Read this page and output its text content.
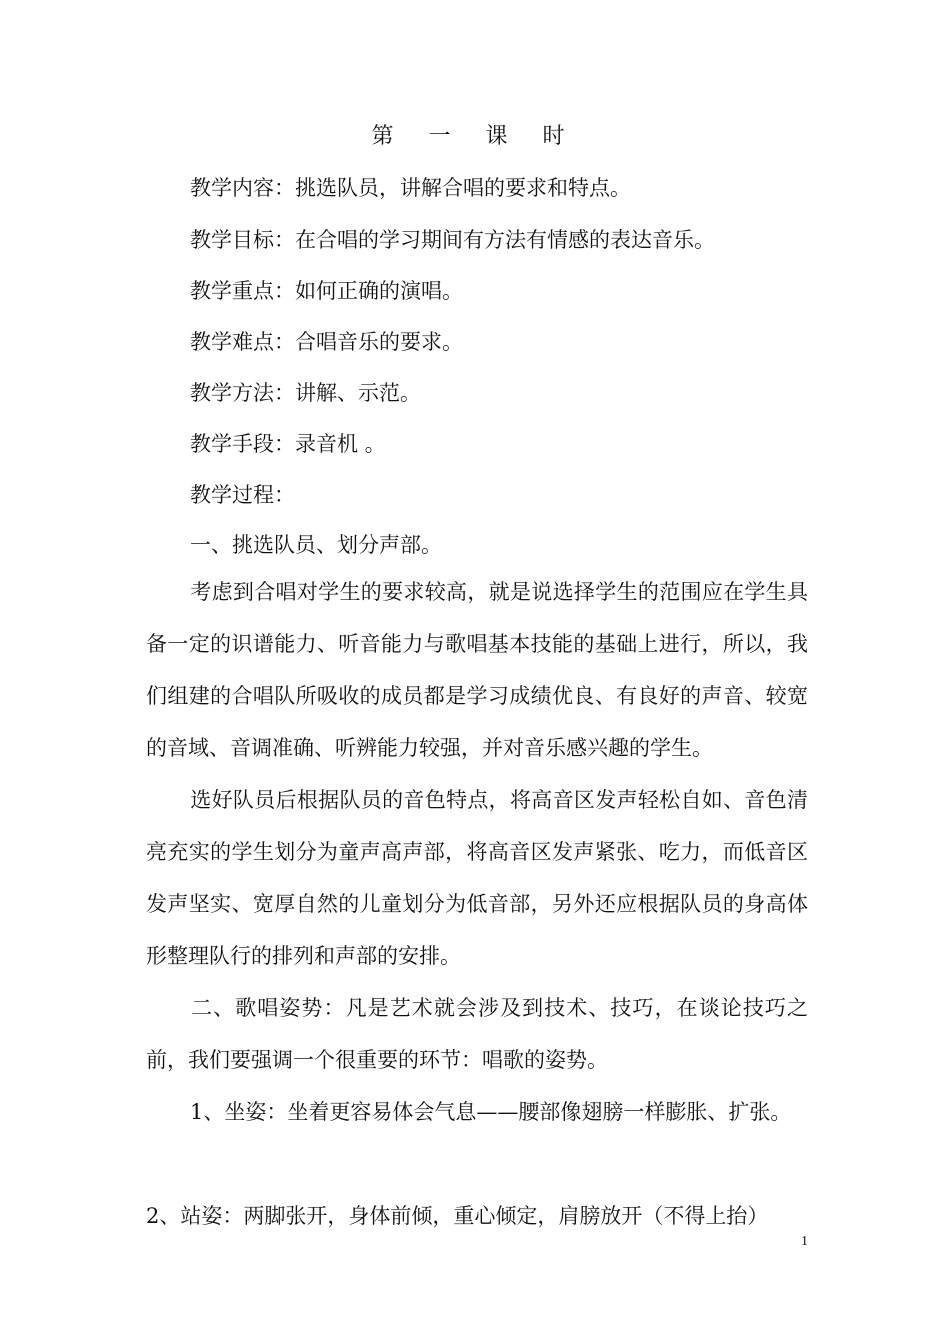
第 一 课 时
教学内容：挑选队员，讲解合唱的要求和特点。
教学目标：在合唱的学习期间有方法有情感的表达音乐。
教学重点：如何正确的演唱。
教学难点：合唱音乐的要求。
教学方法：讲解、示范。
教学手段：录音机 。
教学过程：
一、挑选队员、划分声部。
考虑到合唱对学生的要求较高，就是说选择学生的范围应在学生具备一定的识谱能力、听音能力与歌唱基本技能的基础上进行，所以，我们组建的合唱队所吸收的成员都是学习成绩优良、有良好的声音、较宽的音域、音调准确、听辨能力较强，并对音乐感兴趣的学生。
选好队员后根据队员的音色特点，将高音区发声轻松自如、音色清亮充实的学生划分为童声高声部，将高音区发声紧张、吃力，而低音区发声坚实、宽厚自然的儿童划分为低音部，另外还应根据队员的身高体形整理队行的排列和声部的安排。
二、歌唱姿势：凡是艺术就会涉及到技术、技巧，在谈论技巧之前，我们要强调一个很重要的环节：唱歌的姿势。
1、坐姿：坐着更容易体会气息——腰部像翅膀一样膨胀、扩张。
2、站姿：两脚张开，身体前倾，重心倾定，肩膀放开（不得上抬）
1
